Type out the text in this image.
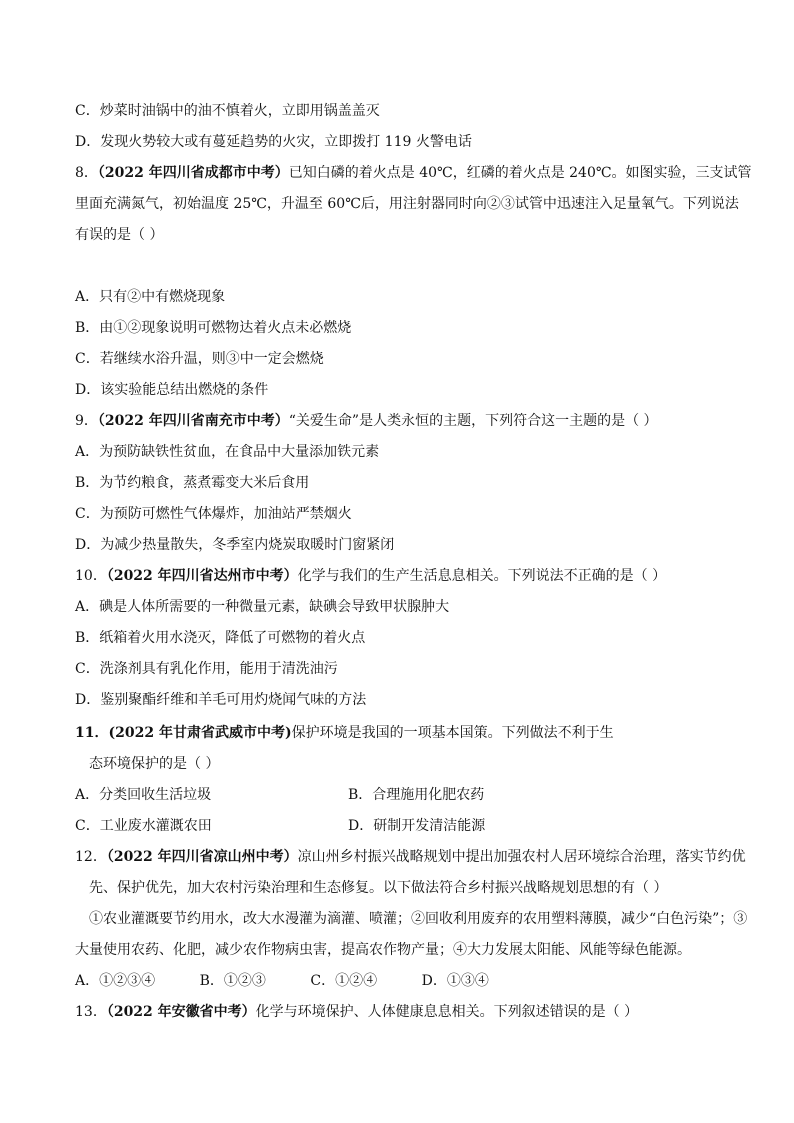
C．炒菜时油锅中的油不慎着火，立即用锅盖盖灭
D．发现火势较大或有蔓延趋势的火灾，立即拨打 119 火警电话
8．（2022 年四川省成都市中考）已知白磷的着火点是 40℃，红磷的着火点是 240℃。如图实验，三支试管
里面充满氮气，初始温度 25℃，升温至 60℃后，用注射器同时向②③试管中迅速注入足量氧气。下列说法
有误的是（ ）
A．只有②中有燃烧现象
B．由①②现象说明可燃物达着火点未必燃烧
C．若继续水浴升温，则③中一定会燃烧
D．该实验能总结出燃烧的条件
9．（2022 年四川省南充市中考）“关爱生命”是人类永恒的主题，下列符合这一主题的是（ ）
A．为预防缺铁性贫血，在食品中大量添加铁元素
B．为节约粮食，蒸煮霉变大米后食用
C．为预防可燃性气体爆炸，加油站严禁烟火
D．为减少热量散失，冬季室内烧炭取暖时门窗紧闭
10．（2022 年四川省达州市中考）化学与我们的生产生活息息相关。下列说法不正确的是（ ）
A．碘是人体所需要的一种微量元素，缺碘会导致甲状腺肿大
B．纸箱着火用水浇灭，降低了可燃物的着火点
C．洗涤剂具有乳化作用，能用于清洗油污
D．鉴别聚酯纤维和羊毛可用灼烧闻气味的方法
11．(2022 年甘肃省武威市中考)保护环境是我国的一项基本国策。下列做法不利于生
态环境保护的是（ ）
A．分类回收生活垃圾	B．合理施用化肥农药
C．工业废水灌溉农田	D．研制开发清洁能源
12．（2022 年四川省凉山州中考）凉山州乡村振兴战略规划中提出加强农村人居环境综合治理，落实节约优
先、保护优先，加大农村污染治理和生态修复。以下做法符合乡村振兴战略规划思想的有（ ）
①农业灌溉要节约用水，改大水漫灌为滴灌、喷灌；②回收利用废弃的农用塑料薄膜，减少“白色污染”；③
大量使用农药、化肥，减少农作物病虫害，提高农作物产量；④大力发展太阳能、风能等绿色能源。
A．①②③④          B．①②③          C．①②④          D．①③④
13．（2022 年安徽省中考）化学与环境保护、人体健康息息相关。下列叙述错误的是（ ）
